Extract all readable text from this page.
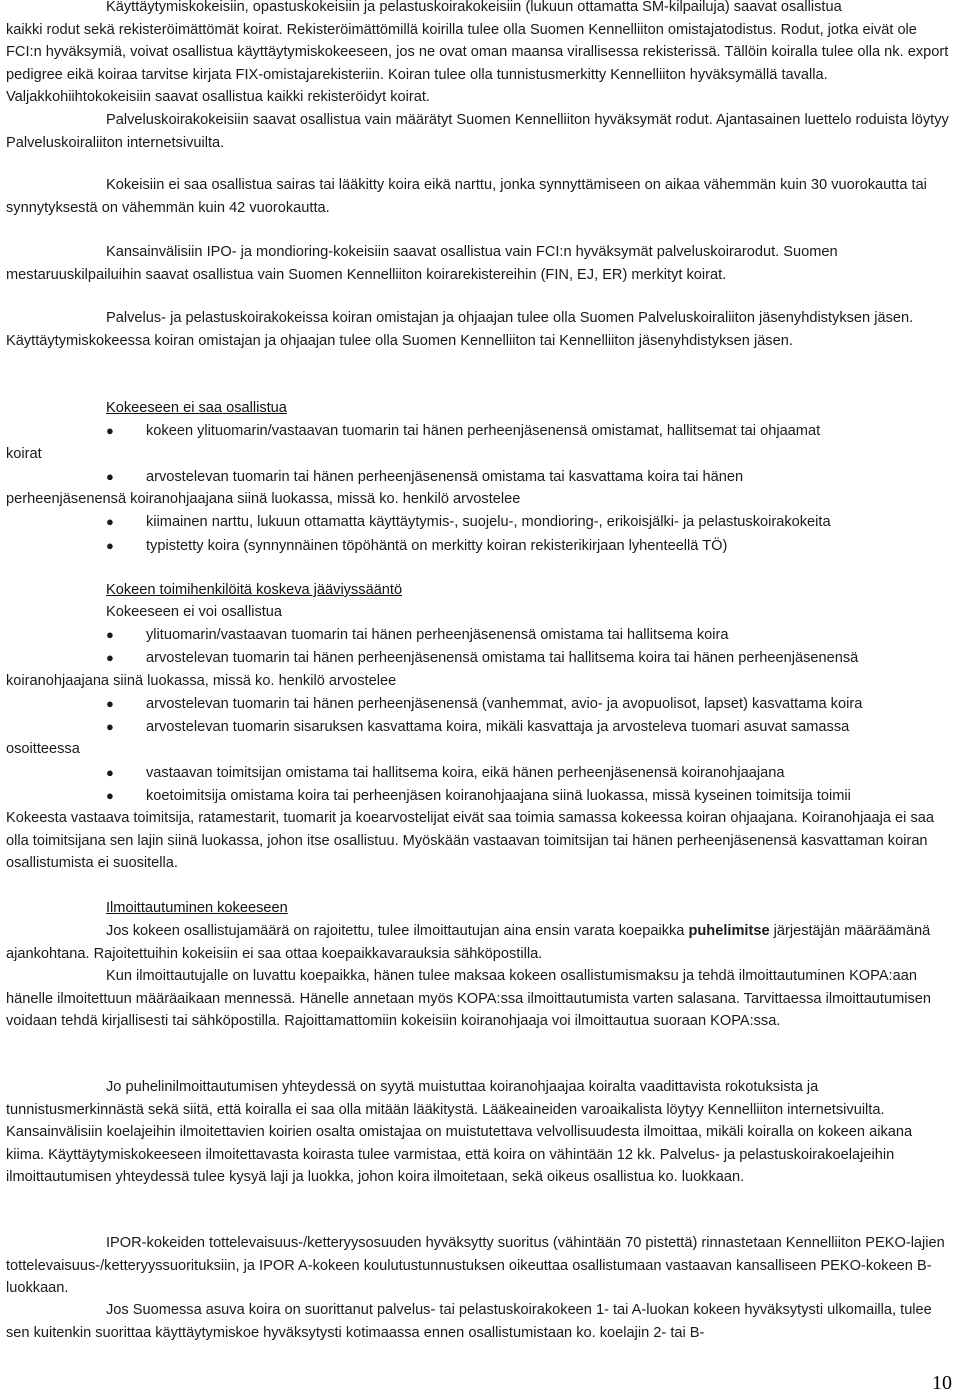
Käyttäytymiskokeisiin, opastuskokeisiin ja pelastuskoirakokeisiin (lukuun ottamatta SM-kilpailuja) saavat osallistua
kaikki rodut sekä rekisteröimättömät koirat. Rekisteröimättömillä koirilla tulee olla Suomen Kennelliiton omistajatodistus. Rodut, jotka eivät ole FCI:n hyväksymiä, voivat osallistua käyttäytymiskokeeseen, jos ne ovat oman maansa virallisessa rekisterissä. Tällöin koiralla tulee olla nk. export pedigree eikä koiraa tarvitse kirjata FIX-omistajarekisteriin. Koiran tulee olla tunnistusmerkitty Kennelliiton hyväksymällä tavalla. Valjakkohiihtokokeisiin saavat osallistua kaikki rekisteröidyt koirat.
Palveluskoirakokeisiin saavat osallistua vain määrätyt Suomen Kennelliiton hyväksymät rodut. Ajantasainen luettelo roduista löytyy Palveluskoiraliiton internetsivuilta.

Kokeisiin ei saa osallistua sairas tai lääkitty koira eikä narttu, jonka synnyttämiseen on aikaa vähemmän kuin 30 vuorokautta tai synnytyksestä on vähemmän kuin 42 vuorokautta.

Kansainvälisiin IPO- ja mondioring-kokeisiin saavat osallistua vain FCI:n hyväksymät palveluskoirarodut. Suomen mestaruuskilpailuihin saavat osallistua vain Suomen Kennelliiton koirarekistereihin (FIN, EJ, ER) merkityt koirat.

Palvelus- ja pelastuskoirakokeissa koiran omistajan ja ohjaajan tulee olla Suomen Palveluskoiraliiton jäsenyhdistyksen jäsen. Käyttäytymiskokeessa koiran omistajan ja ohjaajan tulee olla Suomen Kennelliiton tai Kennelliiton jäsenyhdistyksen jäsen.

Kokeeseen ei saa osallistua
● kokeen ylituomarin/vastaavan tuomarin tai hänen perheenjäsenensä omistamat, hallitsemat tai ohjaamat
koirat
● arvostelevan tuomarin tai hänen perheenjäsenensä omistama tai kasvattama koira tai hänen
perheenjäsenensä koiranohjaajana siinä luokassa, missä ko. henkilö arvostelee
● kiimainen narttu, lukuun ottamatta käyttäytymis-, suojelu-, mondioring-, erikoisjälki- ja pelastuskoirakokeita
● typistetty koira (synnynnäinen töpöhäntä on merkitty koiran rekisterikirjaan lyhenteellä TÖ)
Kokeen toimihenkilöitä koskeva jääviyssääntö
Kokeeseen ei voi osallistua
● ylituomarin/vastaavan tuomarin tai hänen perheenjäsenensä omistama tai hallitsema koira
● arvostelevan tuomarin tai hänen perheenjäsenensä omistama tai hallitsema koira tai hänen perheenjäsenensä
koiranohjaajana siinä luokassa, missä ko. henkilö arvostelee
● arvostelevan tuomarin tai hänen perheenjäsenensä (vanhemmat, avio- ja avopuolisot, lapset) kasvattama koira
● arvostelevan tuomarin sisaruksen kasvattama koira, mikäli kasvattaja ja arvosteleva tuomari asuvat samassa
osoitteessa
● vastaavan toimitsijan omistama tai hallitsema koira, eikä hänen perheenjäsenensä koiranohjaajana
● koetoimitsija omistama koira tai perheenjäsen koiranohjaajana siinä luokassa, missä kyseinen toimitsija toimii

Kokeesta vastaava toimitsija, ratamestarit, tuomarit ja koearvostelijat eivät saa toimia samassa kokeessa koiran ohjaajana. Koiranohjaaja ei saa olla toimitsijana sen lajin siinä luokassa, johon itse osallistuu. Myöskään vastaavan toimitsijan tai hänen perheenjäsenensä kasvattaman koiran osallistumista ei suositella.

Ilmoittautuminen kokeeseen

Jos kokeen osallistujamäärä on rajoitettu, tulee ilmoittautujan aina ensin varata koepaikka puhelimitse järjestäjän määräämänä ajankohtana. Rajoitettuihin kokeisiin ei saa ottaa koepaikkavarauksia sähköpostilla.

Kun ilmoittautujalle on luvattu koepaikka, hänen tulee maksaa kokeen osallistumismaksu ja tehdä ilmoittautuminen KOPA:aan hänelle ilmoitettuun määräaikaan mennessä. Hänelle annetaan myös KOPA:ssa ilmoittautumista varten salasana. Tarvittaessa ilmoittautumisen voidaan tehdä kirjallisesti tai sähköpostilla. Rajoittamattomiin kokeisiin koiranohjaaja voi ilmoittautua suoraan KOPA:ssa.

Jo puhelinilmoittautumisen yhteydessä on syytä muistuttaa koiranohjaajaa koiralta vaadittavista rokotuksista ja tunnistusmerkinnästä sekä siitä, että koiralla ei saa olla mitään lääkitystä. Lääkeaineiden varoaikalista löytyy Kennelliiton internetsivuilta. Kansainvälisiin koelajeihin ilmoitettavien koirien osalta omistajaa on muistutettava velvollisuudesta ilmoittaa, mikäli koiralla on kokeen aikana kiima. Käyttäytymiskokeeseen ilmoitettavasta koirasta tulee varmistaa, että koira on vähintään 12 kk. Palvelus- ja pelastuskoirakoelajeihin ilmoittautumisen yhteydessä tulee kysyä laji ja luokka, johon koira ilmoitetaan, sekä oikeus osallistua ko. luokkaan.

IPOR-kokeiden tottelevaisuus-/ketteryysosuuden hyväksytty suoritus (vähintään 70 pistettä) rinnastetaan Kennelliiton PEKO-lajien tottelevaisuus-/ketteryyssuorituksiin, ja IPOR A-kokeen koulutustunnustuksen oikeuttaa osallistumaan vastaavan kansalliseen PEKO-kokeen B-luokkaan.

Jos Suomessa asuva koira on suorittanut palvelus- tai pelastuskoirakokeen 1- tai A-luokan kokeen hyväksytysti ulkomailla, tulee sen kuitenkin suorittaa käyttäytymiskoe hyväksytysti kotimaassa ennen osallistumistaan ko. koelajin 2- tai B-

10
